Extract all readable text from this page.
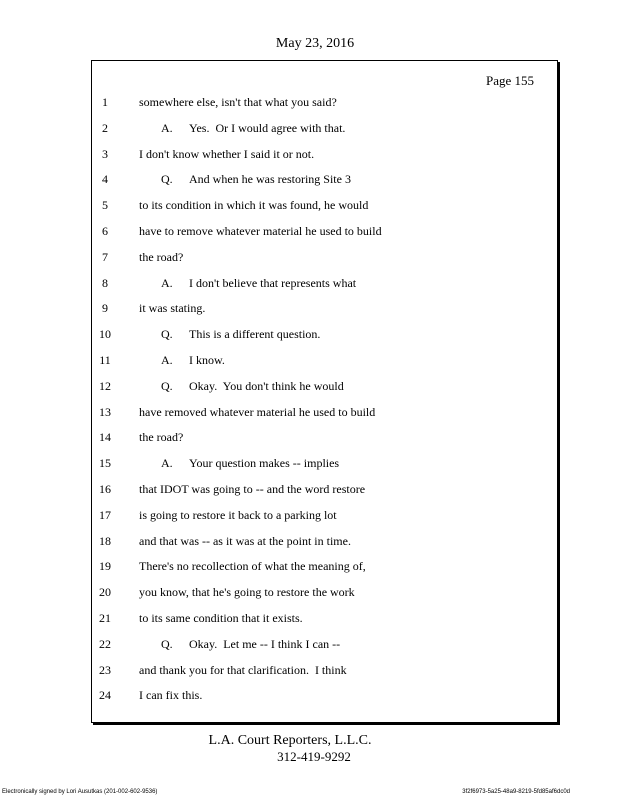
May 23, 2016
Page 155
1	somewhere else, isn't that what you said?
2	A. Yes.  Or I would agree with that.
3	I don't know whether I said it or not.
4	Q. And when he was restoring Site 3
5	to its condition in which it was found, he would
6	have to remove whatever material he used to build
7	the road?
8	A. I don't believe that represents what
9	it was stating.
10	Q. This is a different question.
11	A. I know.
12	Q. Okay.  You don't think he would
13	have removed whatever material he used to build
14	the road?
15	A. Your question makes -- implies
16	that IDOT was going to -- and the word restore
17	is going to restore it back to a parking lot
18	and that was -- as it was at the point in time.
19	There's no recollection of what the meaning of,
20	you know, that he's going to restore the work
21	to its same condition that it exists.
22	Q. Okay.  Let me -- I think I can --
23	and thank you for that clarification.  I think
24	I can fix this.
L.A. Court Reporters, L.L.C.
312-419-9292
Electronically signed by Lori Ausutkas (201-002-602-9536)	3f2f6973-5a25-48a9-8219-5fd85af6dc0d
